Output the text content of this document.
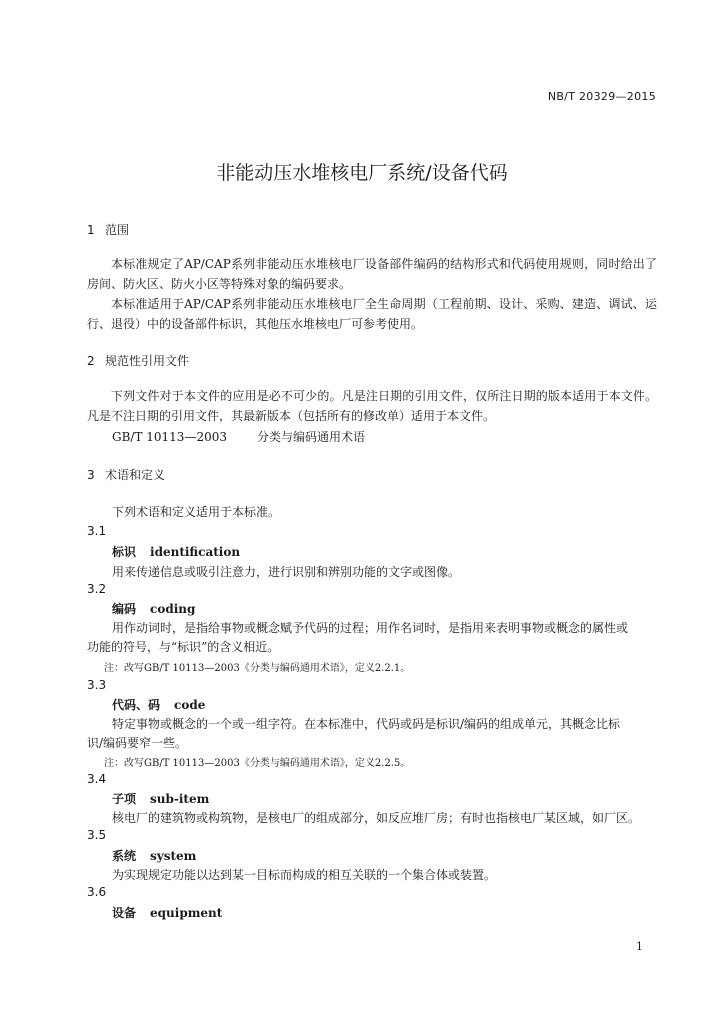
NB/T 20329—2015
非能动压水堆核电厂系统/设备代码
1 范围
本标准规定了AP/CAP系列非能动压水堆核电厂设备部件编码的结构形式和代码使用规则，同时给出了房间、防火区、防火小区等特殊对象的编码要求。
本标准适用于AP/CAP系列非能动压水堆核电厂全生命周期（工程前期、设计、采购、建造、调试、运行、退役）中的设备部件标识，其他压水堆核电厂可参考使用。
2 规范性引用文件
下列文件对于本文件的应用是必不可少的。凡是注日期的引用文件，仅所注日期的版本适用于本文件。凡是不注日期的引用文件，其最新版本（包括所有的修改单）适用于本文件。
GB/T 10113—2003	分类与编码通用术语
3 术语和定义
下列术语和定义适用于本标准。
3.1
标识 identification
用来传递信息或吸引注意力，进行识别和辨别功能的文字或图像。
3.2
编码 coding
用作动词时，是指给事物或概念赋予代码的过程；用作名词时，是指用来表明事物或概念的属性或
功能的符号，与“标识”的含义相近。
注：改写GB/T 10113—2003《分类与编码通用术语》，定义2.2.1。
3.3
代码、码 code
特定事物或概念的一个或一组字符。在本标准中，代码或码是标识/编码的组成单元，其概念比标
识/编码要窄一些。
注：改写GB/T 10113—2003《分类与编码通用术语》，定义2.2.5。
3.4
子项 sub-item
核电厂的建筑物或构筑物，是核电厂的组成部分，如反应堆厂房；有时也指核电厂某区域，如厂区。
3.5
系统 system
为实现规定功能以达到某一目标而构成的相互关联的一个集合体或装置。
3.6
设备 equipment
1
